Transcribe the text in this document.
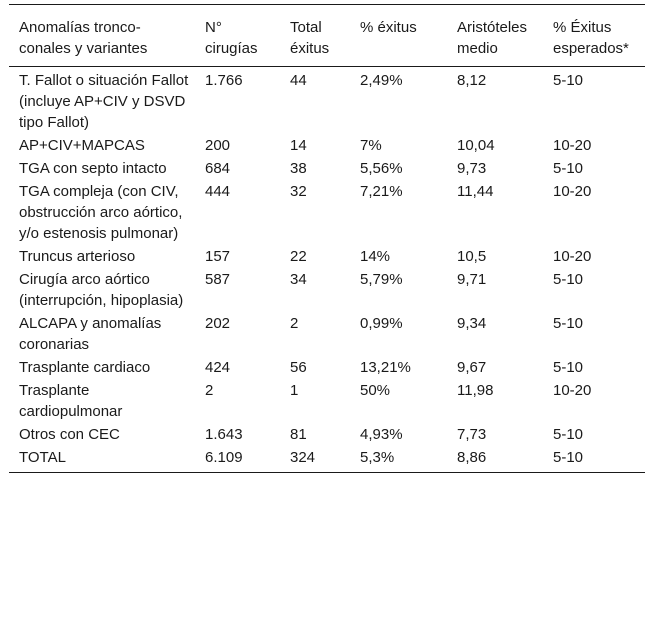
Anomalías tronco-conales y variantes	N° cirugías	Total éxitus	% éxitus	Aristóteles medio	% Éxitus esperados*
T. Fallot o situación Fallot (incluye AP+CIV y DSVD tipo Fallot)	1.766	44	2,49%	8,12	5-10
AP+CIV+MAPCAS	200	14	7%	10,04	10-20
TGA con septo intacto	684	38	5,56%	9,73	5-10
TGA compleja (con CIV, obstrucción arco aórtico, y/o estenosis pulmonar)	444	32	7,21%	11,44	10-20
Truncus arterioso	157	22	14%	10,5	10-20
Cirugía arco aórtico (interrupción, hipoplasia)	587	34	5,79%	9,71	5-10
ALCAPA y anomalías coronarias	202	2	0,99%	9,34	5-10
Trasplante cardiaco	424	56	13,21%	9,67	5-10
Trasplante cardiopulmonar	2	1	50%	11,98	10-20
Otros con CEC	1.643	81	4,93%	7,73	5-10
TOTAL	6.109	324	5,3%	8,86	5-10
